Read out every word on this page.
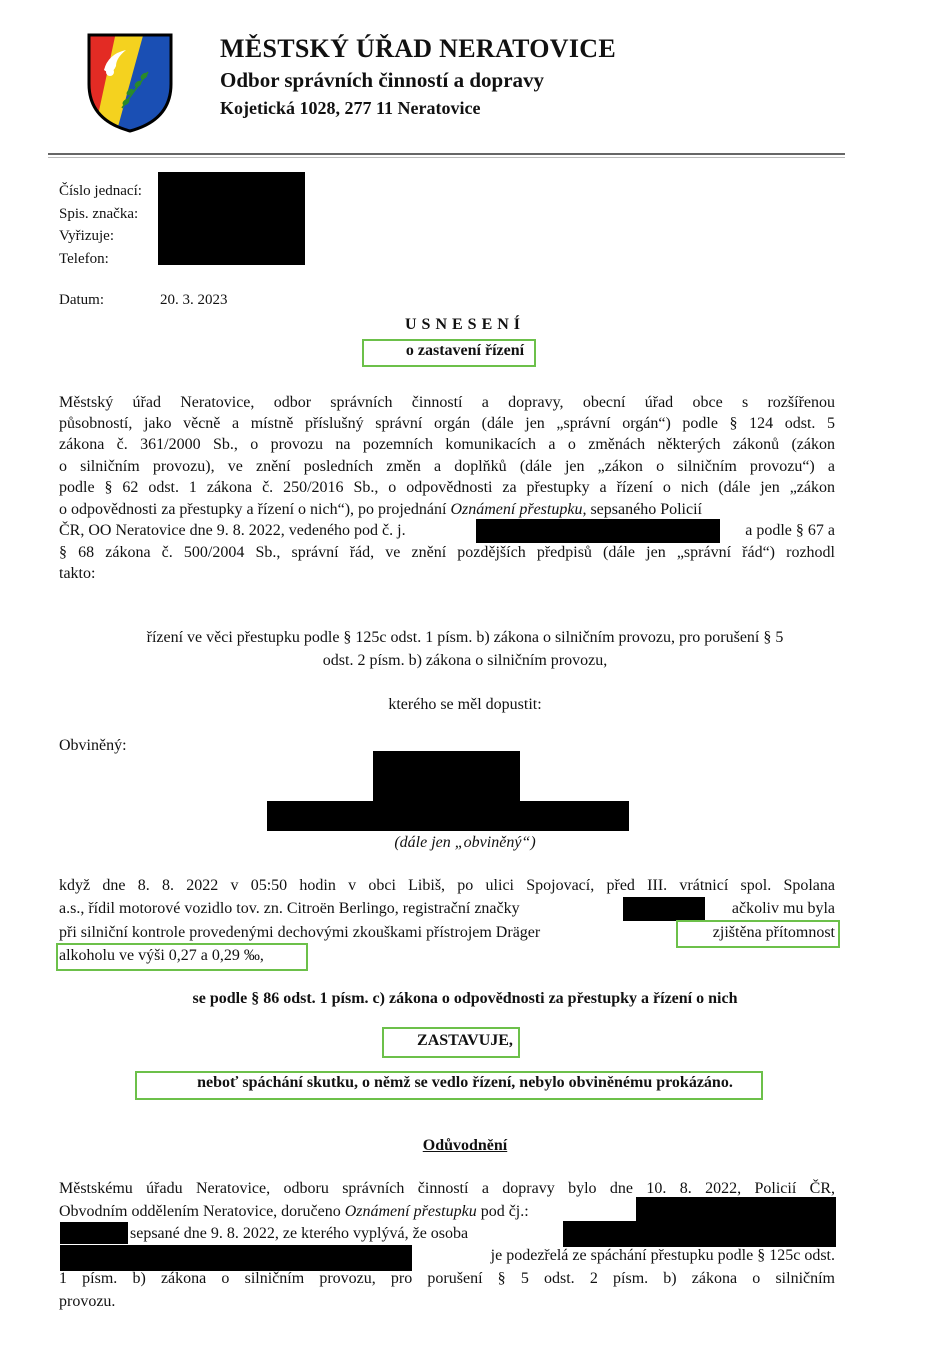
MĚSTSKÝ ÚŘAD NERATOVICE
Odbor správních činností a dopravy
Kojetická 1028, 277 11 Neratovice
Číslo jednací:
Spis. značka:
Vyřizuje:
Telefon:
Datum:	20. 3. 2023
USNESENÍ
o zastavení řízení
Městský úřad Neratovice, odbor správních činností a dopravy, obecní úřad obce s rozšířenou
působností, jako věcně a místně příslušný správní orgán (dále jen „správní orgán“) podle § 124 odst. 5
zákona č. 361/2000 Sb., o provozu na pozemních komunikacích a o změnách některých zákonů (zákon
o silničním provozu), ve znění posledních změn a doplňků (dále jen „zákon o silničním provozu“) a
podle § 62 odst. 1 zákona č. 250/2016 Sb., o odpovědnosti za přestupky a řízení o nich (dále jen „zákon
o odpovědnosti za přestupky a řízení o nich“), po projednání Oznámení přestupku, sepsaného Policií
ČR, OO Neratovice dne 9. 8. 2022, vedeného pod č. j.	a podle § 67 a
§ 68 zákona č. 500/2004 Sb., správní řád, ve znění pozdějších předpisů (dále jen „správní řád“) rozhodl
takto:
řízení ve věci přestupku podle § 125c odst. 1 písm. b) zákona o silničním provozu, pro porušení § 5
odst. 2 písm. b) zákona o silničním provozu,
kterého se měl dopustit:
Obviněný:
(dále jen „obviněný“)
když dne 8. 8. 2022 v 05:50 hodin v obci Libiš, po ulici Spojovací, před III. vrátnicí spol. Spolana
a.s., řídil motorové vozidlo tov. zn. Citroën Berlingo, registrační značky	ačkoliv mu byla
při silniční kontrole provedenými dechovými zkouškami přístrojem Dräger	zjištěna přítomnost
alkoholu ve výši 0,27 a 0,29 ‰,
se podle § 86 odst. 1 písm. c) zákona o odpovědnosti za přestupky a řízení o nich
ZASTAVUJE,
neboť spáchání skutku, o němž se vedlo řízení, nebylo obviněnému prokázáno.
Odůvodnění
Městskému úřadu Neratovice, odboru správních činností a dopravy bylo dne 10. 8. 2022, Policií ČR,
Obvodním oddělením Neratovice, doručeno Oznámení přestupku pod čj.:
sepsané dne 9. 8. 2022, ze kterého vyplývá, že osoba
je podezřelá ze spáchání přestupku podle § 125c odst.
1 písm. b) zákona o silničním provozu, pro porušení § 5 odst. 2 písm. b) zákona o silničním
provozu.
